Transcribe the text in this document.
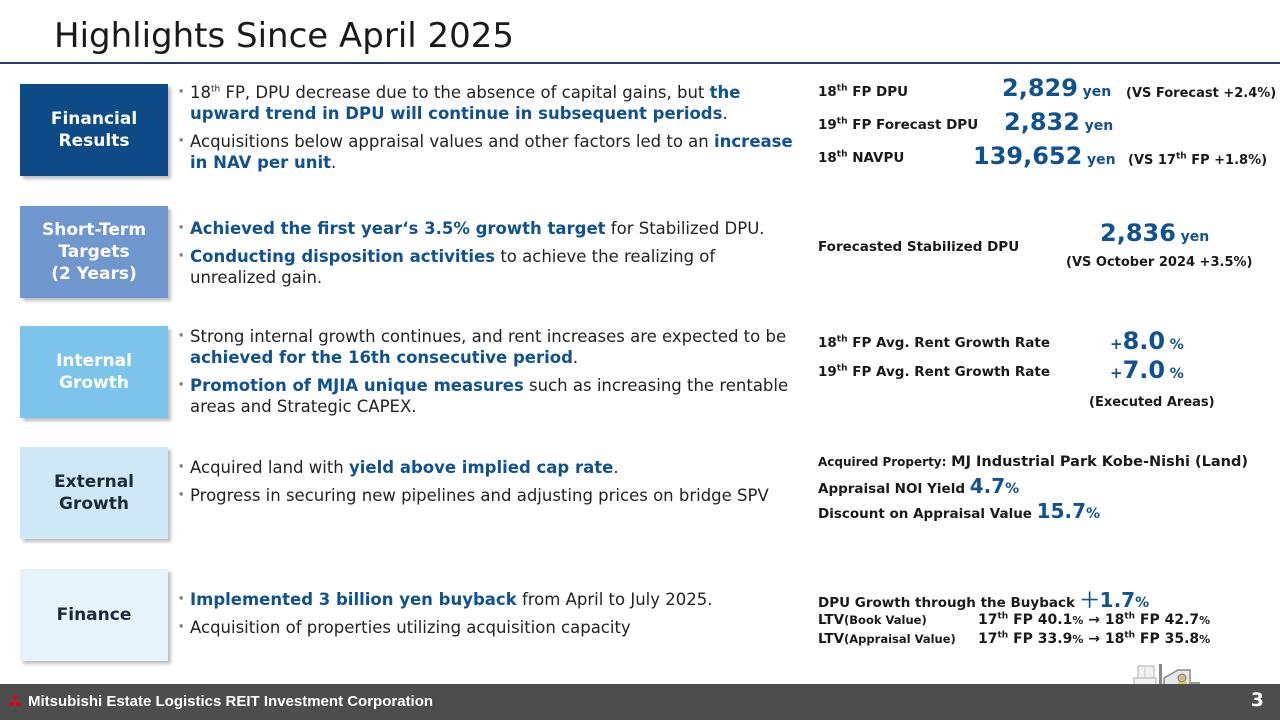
Highlights Since April 2025
Financial
Results
· 18th FP, DPU decrease due to the absence of capital gains, but the upward trend in DPU will continue in subsequent periods.
· Acquisitions below appraisal values and other factors led to an increase in NAV per unit.
Short-Term
Targets
(2 Years)
· Achieved the first year‘s 3.5% growth target for Stabilized DPU.
· Conducting disposition activities to achieve the realizing of unrealized gain.
Internal
Growth
· Strong internal growth continues, and rent increases are expected to be achieved for the 16th consecutive period.
· Promotion of MJIA unique measures such as increasing the rentable areas and Strategic CAPEX.
External
Growth
· Acquired land with yield above implied cap rate.
· Progress in securing new pipelines and adjusting prices on bridge SPV
Finance
· Implemented 3 billion yen buyback from April to July 2025.
· Acquisition of properties utilizing acquisition capacity
18th FP DPU	2,829 yen (VS Forecast +2.4%)
19th FP Forecast DPU 2,832 yen
18th NAVPU	139,652 yen (VS 17th FP +1.8%)
Forecasted Stabilized DPU	2,836 yen
(VS October 2024 +3.5%)
18th FP Avg. Rent Growth Rate	+8.0 %
19th FP Avg. Rent Growth Rate	+7.0 %
(Executed Areas)
Acquired Property: MJ Industrial Park Kobe-Nishi (Land)
Appraisal NOI Yield 4.7%
Discount on Appraisal Value 15.7%
DPU Growth through the Buyback ＋1.7%
LTV(Book Value)	17th FP 40.1% → 18th FP 42.7%
LTV(Appraisal Value) 17th FP 33.9% → 18th FP 35.8%
Mitsubishi Estate Logistics REIT Investment Corporation	3
